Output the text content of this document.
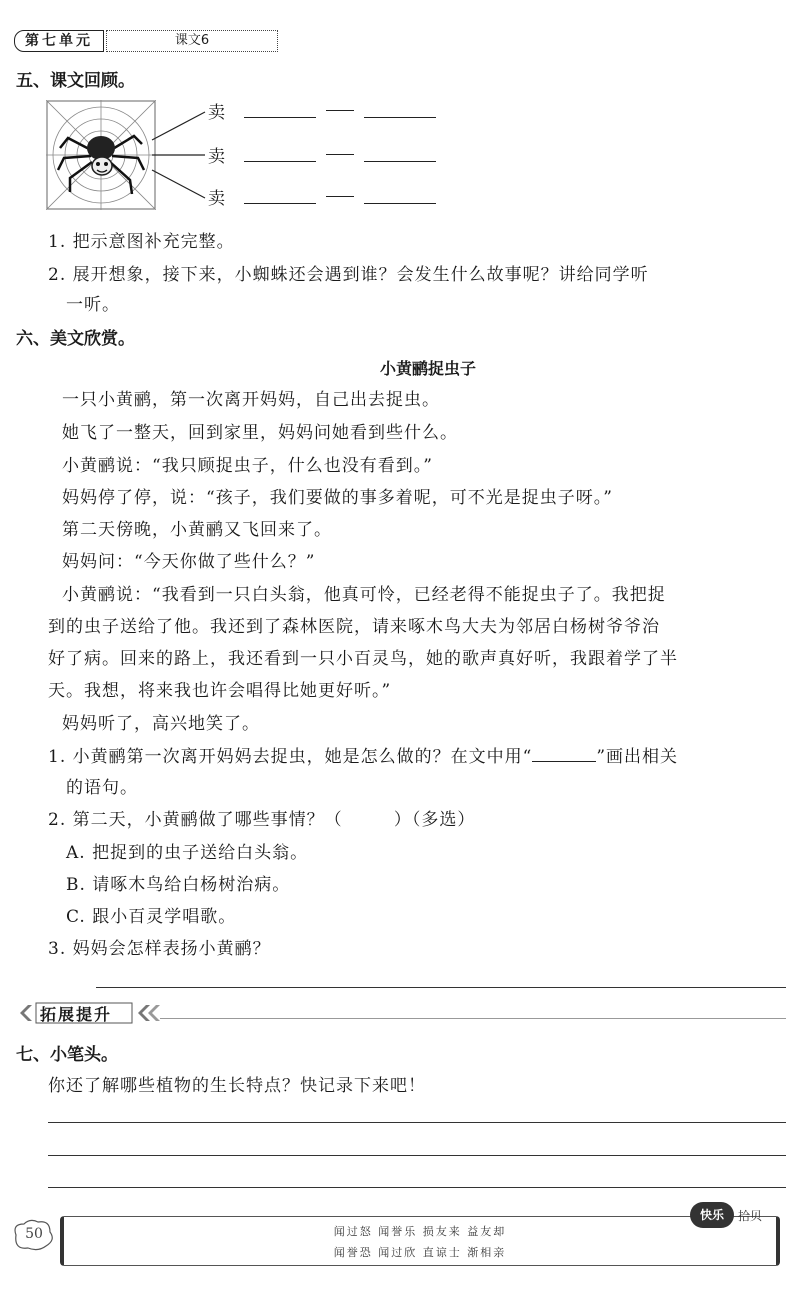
第七单元	课文6
五、课文回顾。
卖
卖
卖
1. 把示意图补充完整。
2. 展开想象，接下来，小蜘蛛还会遇到谁？会发生什么故事呢？讲给同学听
一听。
六、美文欣赏。
小黄鹂捉虫子
一只小黄鹂，第一次离开妈妈，自己出去捉虫。
她飞了一整天，回到家里，妈妈问她看到些什么。
小黄鹂说：“我只顾捉虫子，什么也没有看到。”
妈妈停了停，说：“孩子，我们要做的事多着呢，可不光是捉虫子呀。”
第二天傍晚，小黄鹂又飞回来了。
妈妈问：“今天你做了些什么？”
小黄鹂说：“我看到一只白头翁，他真可怜，已经老得不能捉虫子了。我把捉
到的虫子送给了他。我还到了森林医院，请来啄木鸟大夫为邻居白杨树爷爷治
好了病。回来的路上，我还看到一只小百灵鸟，她的歌声真好听，我跟着学了半
天。我想，将来我也许会唱得比她更好听。”
妈妈听了，高兴地笑了。
1. 小黄鹂第一次离开妈妈去捉虫，她是怎么做的？在文中用“	”画出相关
的语句。
2. 第二天，小黄鹂做了哪些事情？（        ）（多选）
A. 把捉到的虫子送给白头翁。
B. 请啄木鸟给白杨树治病。
C. 跟小百灵学唱歌。
3. 妈妈会怎样表扬小黄鹂？
拓展提升
七、小笔头。
你还了解哪些植物的生长特点？快记录下来吧！
50	闻过怒 闻誉乐 损友来 益友却
闻誉恐 闻过欣 直谅士 渐相亲
快乐	拾贝
